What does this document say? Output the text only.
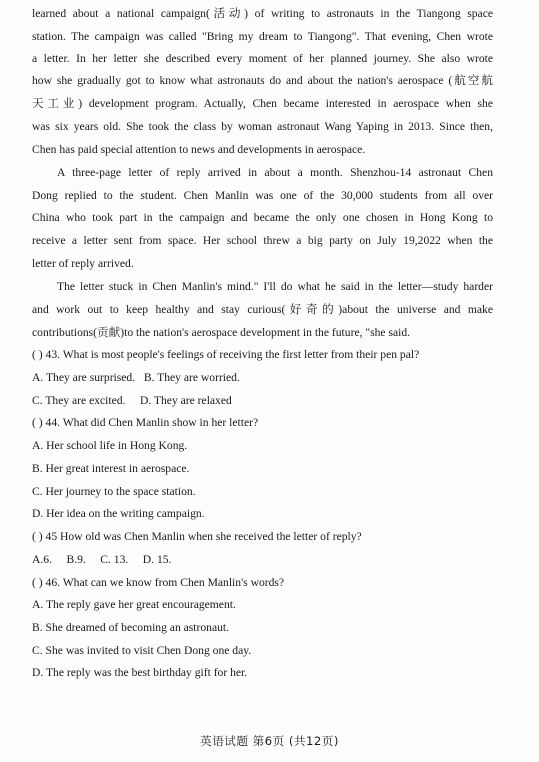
learned about a national campaign(活动) of writing to astronauts in the Tiangong space
station. The campaign was called "Bring my dream to Tiangong". That evening, Chen wrote
a letter. In her letter she described every moment of her planned journey. She also wrote
how she gradually got to know what astronauts do and about the nation's aerospace (航空航
天工业) development program. Actually, Chen became interested in aerospace when she
was six years old. She took the class by woman astronaut Wang Yaping in 2013. Since then,
Chen has paid special attention to news and developments in aerospace.
A three-page letter of reply arrived in about a month. Shenzhou-14 astronaut Chen
Dong replied to the student. Chen Manlin was one of the 30,000 students from all over
China who took part in the campaign and became the only one chosen in Hong Kong to
receive a letter sent from space. Her school threw a big party on July 19,2022 when the
letter of reply arrived.
The letter stuck in Chen Manlin's mind." I'll do what he said in the letter—study harder
and work out to keep healthy and stay curious(好奇的)about the universe and make
contributions(贡献)to the nation's aerospace development in the future, "she said.
( ) 43. What is most people's feelings of receiving the first letter from their pen pal?
A. They are surprised.   B. They are worried.
C. They are excited.     D. They are relaxed
( ) 44. What did Chen Manlin show in her letter?
A. Her school life in Hong Kong.
B. Her great interest in aerospace.
C. Her journey to the space station.
D. Her idea on the writing campaign.
( ) 45 How old was Chen Manlin when she received the letter of reply?
A.6.     B.9.     C. 13.     D. 15.
( ) 46. What can we know from Chen Manlin's words?
A. The reply gave her great encouragement.
B. She dreamed of becoming an astronaut.
C. She was invited to visit Chen Dong one day.
D. The reply was the best birthday gift for her.
英语试题 第6页 (共12页)
